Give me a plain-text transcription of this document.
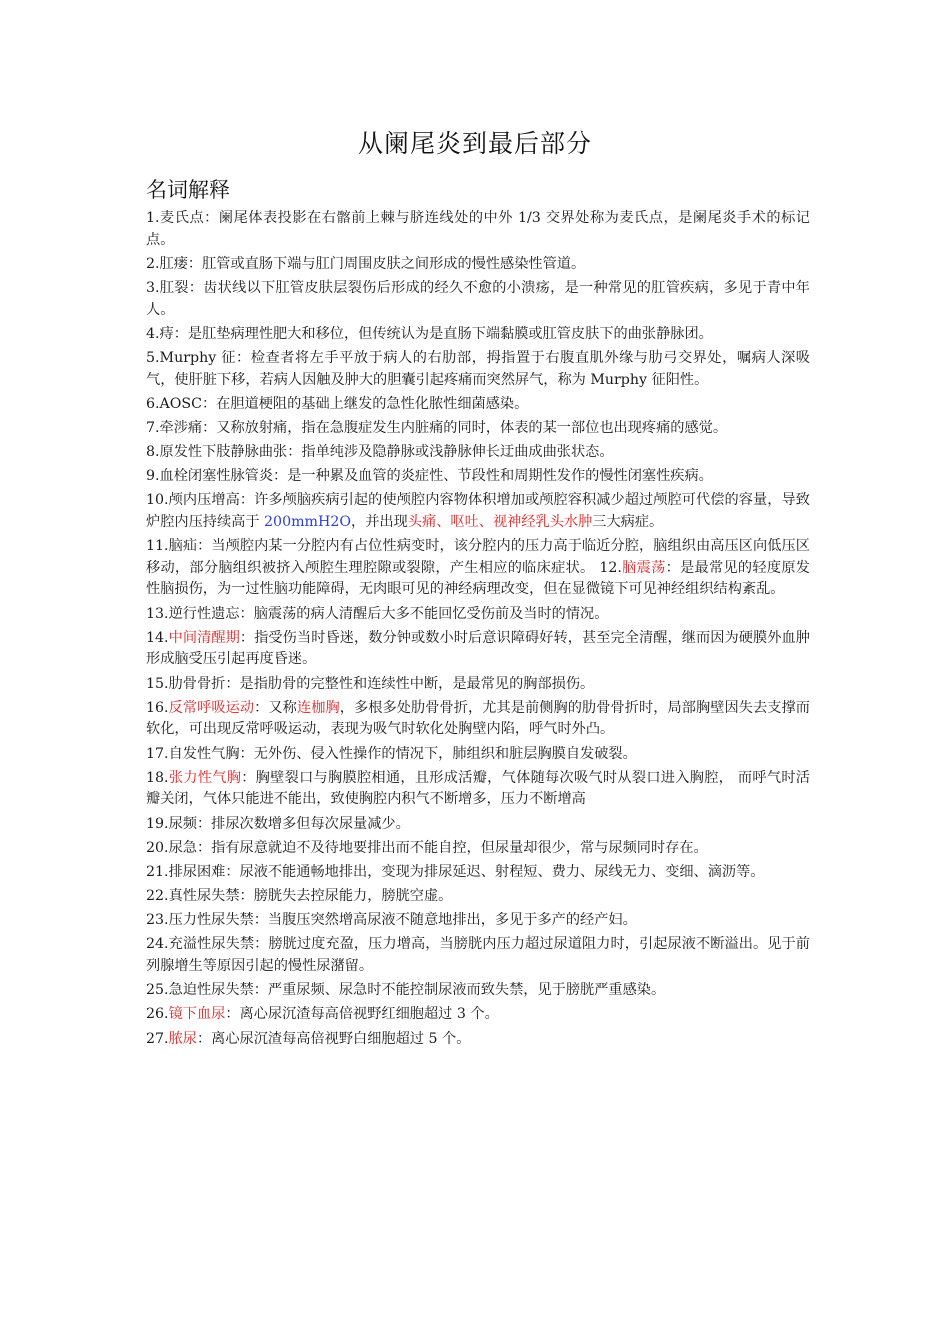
从阑尾炎到最后部分
名词解释

1.麦氏点：阑尾体表投影在右髂前上棘与脐连线处的中外 1/3 交界处称为麦氏点，是阑尾炎手术的标记点。

2.肛瘘：肛管或直肠下端与肛门周围皮肤之间形成的慢性感染性管道。

3.肛裂：齿状线以下肛管皮肤层裂伤后形成的经久不愈的小溃疡，是一种常见的肛管疾病，多见于青中年人。

4.痔：是肛垫病理性肥大和移位，但传统认为是直肠下端黏膜或肛管皮肤下的曲张静脉团。

5.Murphy 征：检查者将左手平放于病人的右肋部，拇指置于右腹直肌外缘与肋弓交界处，嘱病人深吸气，使肝脏下移，若病人因触及肿大的胆囊引起疼痛而突然屏气，称为 Murphy 征阳性。

6.AOSC：在胆道梗阻的基础上继发的急性化脓性细菌感染。

7.牵涉痛：又称放射痛，指在急腹症发生内脏痛的同时，体表的某一部位也出现疼痛的感觉。

8.原发性下肢静脉曲张：指单纯涉及隐静脉或浅静脉伸长迂曲成曲张状态。

9.血栓闭塞性脉管炎：是一种累及血管的炎症性、节段性和周期性发作的慢性闭塞性疾病。

10.颅内压增高：许多颅脑疾病引起的使颅腔内容物体积增加或颅腔容积减少超过颅腔可代偿的容量，导致炉腔内压持续高于 200mmH2O，并出现头痛、呕吐、视神经乳头水肿三大病症。

11.脑疝：当颅腔内某一分腔内有占位性病变时，该分腔内的压力高于临近分腔，脑组织由高压区向低压区移动，部分脑组织被挤入颅腔生理腔隙或裂隙，产生相应的临床症状。 12.脑震荡：是最常见的轻度原发性脑损伤，为一过性脑功能障碍，无肉眼可见的神经病理改变，但在显微镜下可见神经组织结构紊乱。

13.逆行性遗忘：脑震荡的病人清醒后大多不能回忆受伤前及当时的情况。

14.中间清醒期：指受伤当时昏迷，数分钟或数小时后意识障碍好转，甚至完全清醒，继而因为硬膜外血肿形成脑受压引起再度昏迷。

15.肋骨骨折：是指肋骨的完整性和连续性中断，是最常见的胸部损伤。

16.反常呼吸运动：又称连枷胸，多根多处肋骨骨折，尤其是前侧胸的肋骨骨折时，局部胸壁因失去支撑而软化，可出现反常呼吸运动，表现为吸气时软化处胸壁内陷，呼气时外凸。

17.自发性气胸：无外伤、侵入性操作的情况下，肺组织和脏层胸膜自发破裂。

18.张力性气胸：胸壁裂口与胸膜腔相通，且形成活瓣，气体随每次吸气时从裂口进入胸腔， 而呼气时活瓣关闭，气体只能进不能出，致使胸腔内积气不断增多，压力不断增高

19.尿频：排尿次数增多但每次尿量减少。

20.尿急：指有尿意就迫不及待地要排出而不能自控，但尿量却很少，常与尿频同时存在。

21.排尿困难：尿液不能通畅地排出，变现为排尿延迟、射程短、费力、尿线无力、变细、滴沥等。

22.真性尿失禁：膀胱失去控尿能力，膀胱空虚。

23.压力性尿失禁：当腹压突然增高尿液不随意地排出，多见于多产的经产妇。

24.充溢性尿失禁：膀胱过度充盈，压力增高，当膀胱内压力超过尿道阻力时，引起尿液不断溢出。见于前列腺增生等原因引起的慢性尿潴留。

25.急迫性尿失禁：严重尿频、尿急时不能控制尿液而致失禁，见于膀胱严重感染。

26.镜下血尿：离心尿沉渣每高倍视野红细胞超过 3 个。

27.脓尿：离心尿沉渣每高倍视野白细胞超过 5 个。
